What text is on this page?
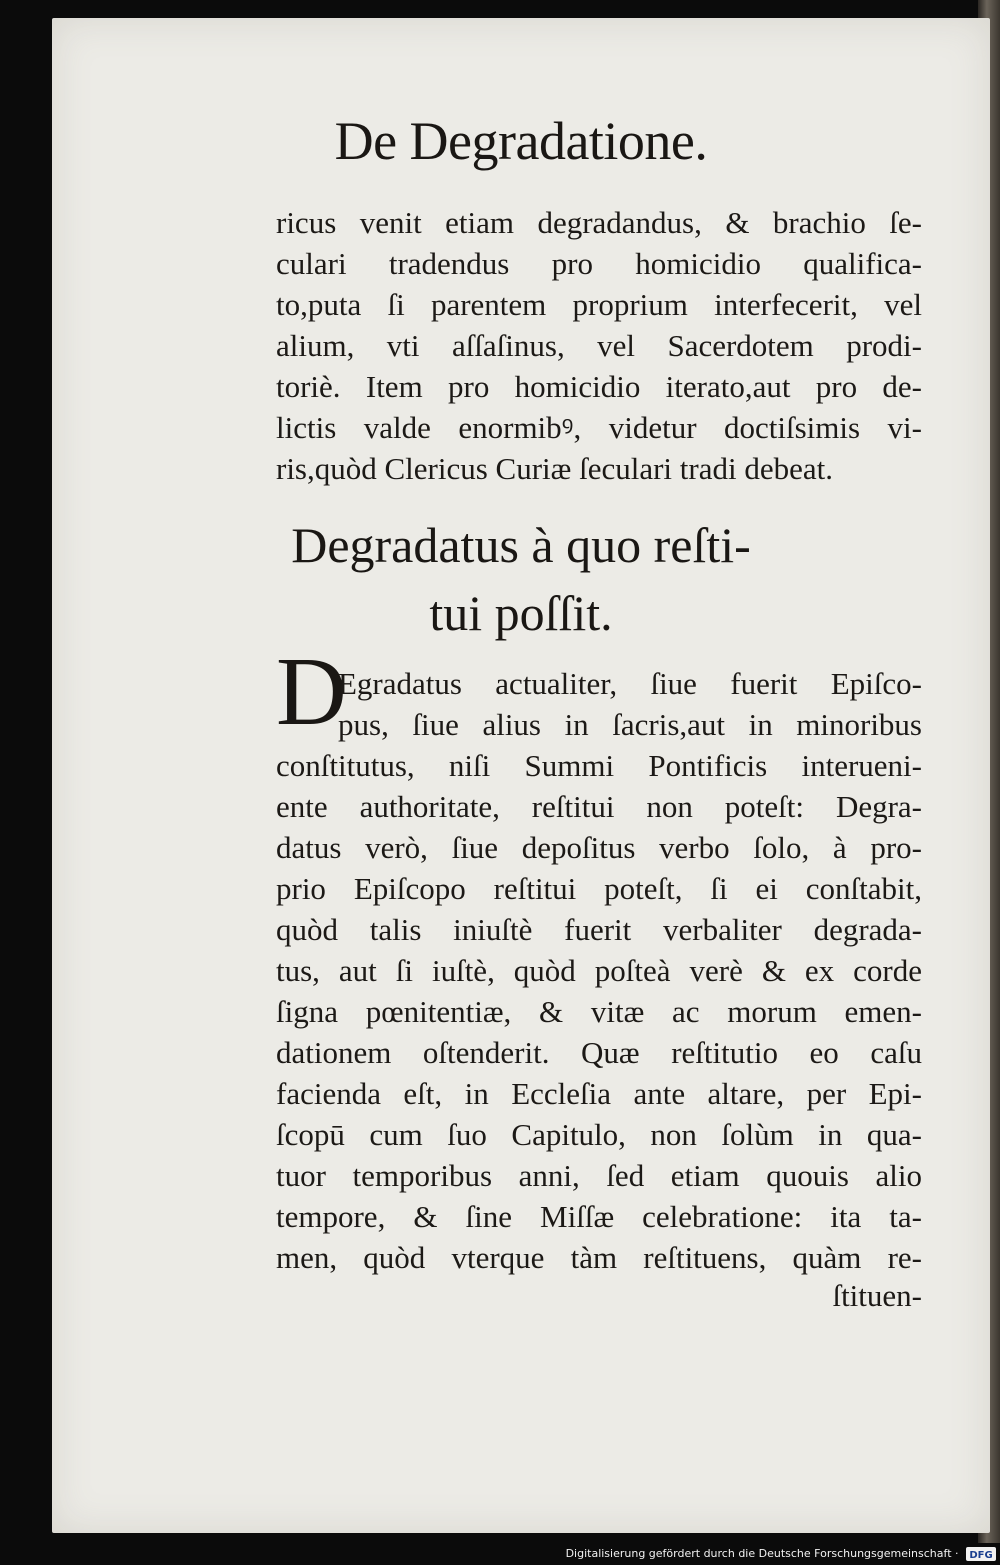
De Degradatione.
ricus venit etiam degradandus, & brachio ſe-
culari tradendus pro homicidio qualifica-
to,puta ſi parentem proprium interfecerit, vel
alium, vti aſſaſinus, vel Sacerdotem prodi-
toriè. Item pro homicidio iterato,aut pro de-
lictis valde enormibꝰ, videtur doctiſsimis vi-
ris,quòd Clericus Curiæ ſeculari tradi debeat.
Degradatus à quo reſti-
tui poſſit.
D
Egradatus actualiter, ſiue fuerit Epiſco-
pus, ſiue alius in ſacris,aut in minoribus
conſtitutus, niſi Summi Pontificis interueni-
ente authoritate, reſtitui non poteſt: Degra-
datus verò, ſiue depoſitus verbo ſolo, à pro-
prio Epiſcopo reſtitui poteſt, ſi ei conſtabit,
quòd talis iniuſtè fuerit verbaliter degrada-
tus, aut ſi iuſtè, quòd poſteà verè & ex corde
ſigna pœnitentiæ, & vitæ ac morum emen-
dationem oſtenderit. Quæ reſtitutio eo caſu
facienda eſt, in Eccleſia ante altare, per Epi-
ſcopū cum ſuo Capitulo, non ſolùm in qua-
tuor temporibus anni, ſed etiam quouis alio
tempore, & ſine Miſſæ celebratione: ita ta-
men, quòd vterque tàm reſtituens, quàm re-
ſtituen-
Digitalisierung gefördert durch die Deutsche Forschungsgemeinschaft · DFG
